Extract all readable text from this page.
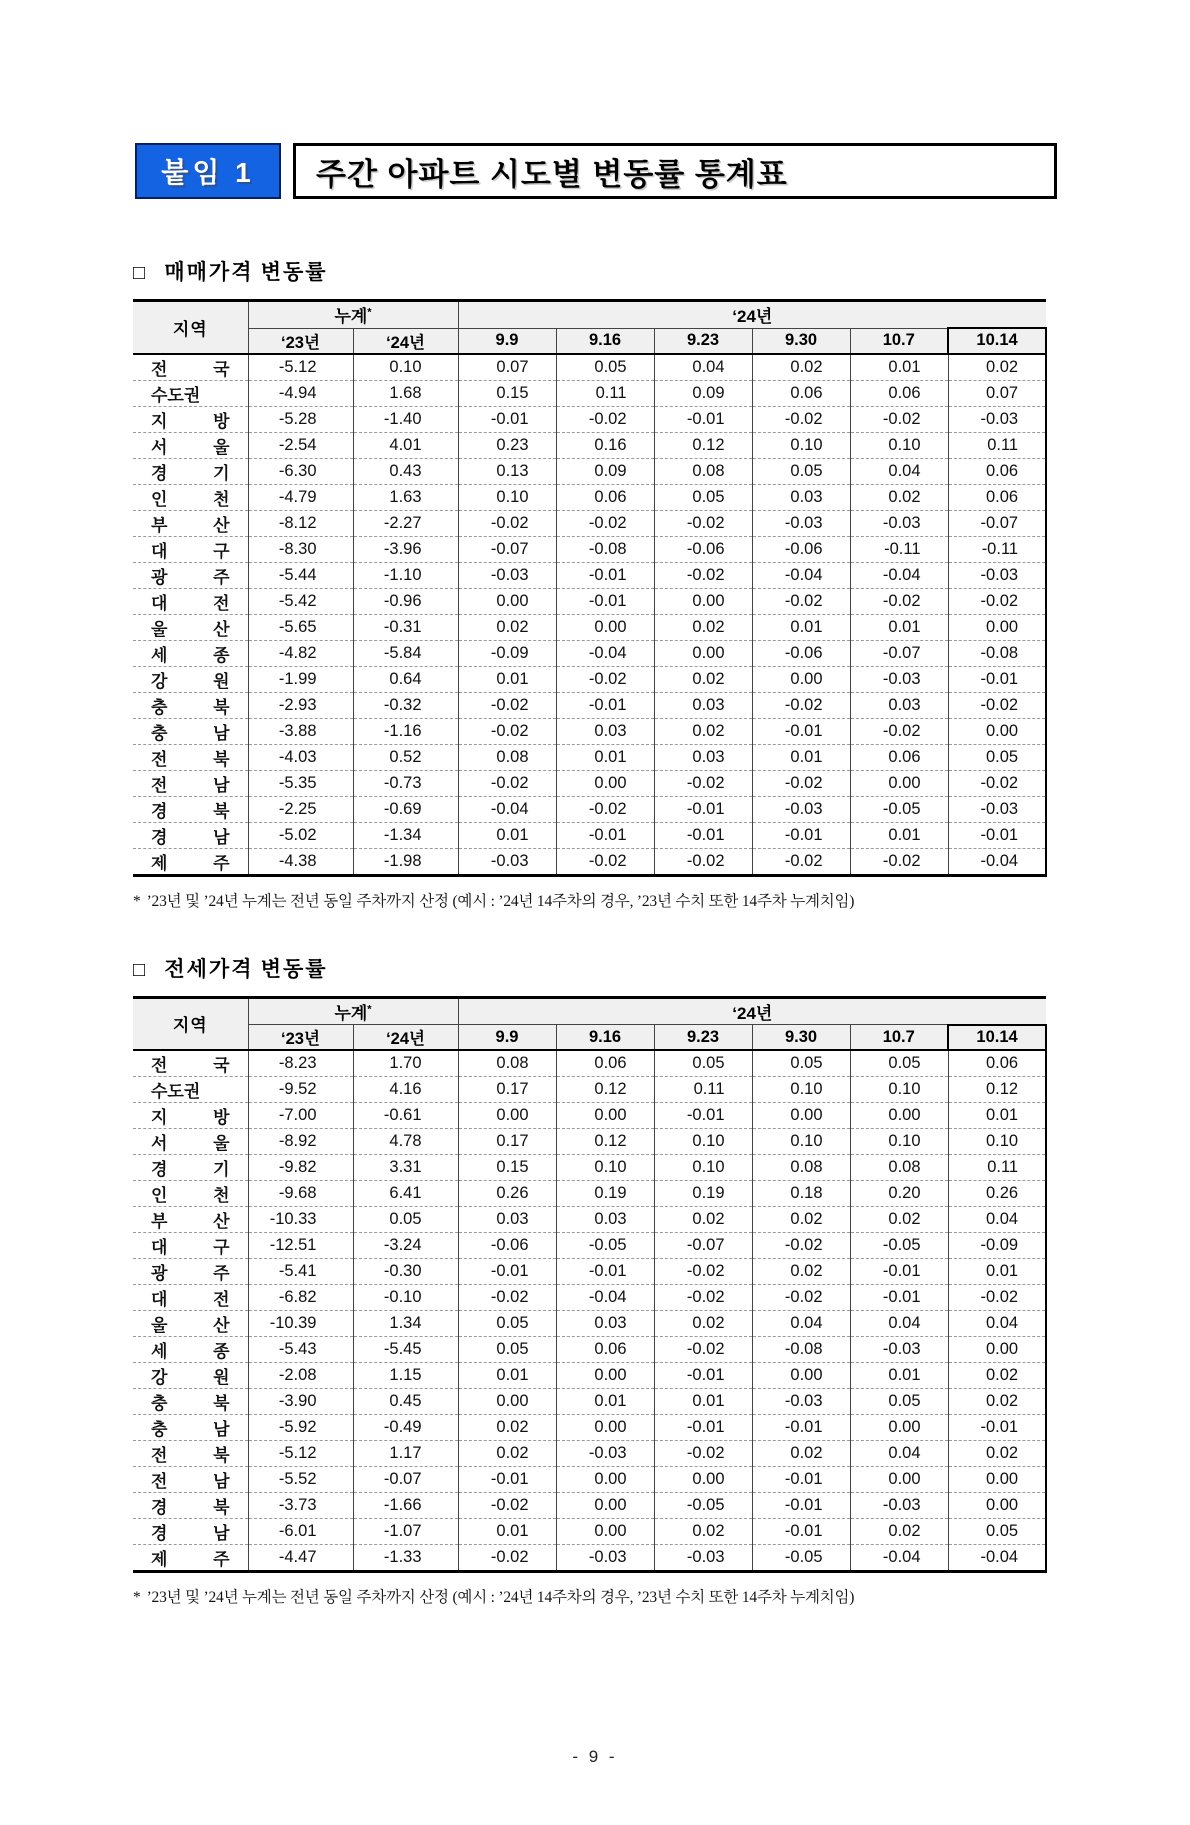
붙임 1 주간 아파트 시도별 변동률 통계표
□ 매매가격 변동률
지역	누계*		‘24년					
	‘23년	‘24년	9.9	9.16	9.23	9.30	10.7	10.14
전 국	-5.12	0.10	0.07	0.05	0.04	0.02	0.01	0.02
수도권	-4.94	1.68	0.15	0.11	0.09	0.06	0.06	0.07
지 방	-5.28	-1.40	-0.01	-0.02	-0.01	-0.02	-0.02	-0.03
서 울	-2.54	4.01	0.23	0.16	0.12	0.10	0.10	0.11
경 기	-6.30	0.43	0.13	0.09	0.08	0.05	0.04	0.06
인 천	-4.79	1.63	0.10	0.06	0.05	0.03	0.02	0.06
부 산	-8.12	-2.27	-0.02	-0.02	-0.02	-0.03	-0.03	-0.07
대 구	-8.30	-3.96	-0.07	-0.08	-0.06	-0.06	-0.11	-0.11
광 주	-5.44	-1.10	-0.03	-0.01	-0.02	-0.04	-0.04	-0.03
대 전	-5.42	-0.96	0.00	-0.01	0.00	-0.02	-0.02	-0.02
울 산	-5.65	-0.31	0.02	0.00	0.02	0.01	0.01	0.00
세 종	-4.82	-5.84	-0.09	-0.04	0.00	-0.06	-0.07	-0.08
강 원	-1.99	0.64	0.01	-0.02	0.02	0.00	-0.03	-0.01
충 북	-2.93	-0.32	-0.02	-0.01	0.03	-0.02	0.03	-0.02
충 남	-3.88	-1.16	-0.02	0.03	0.02	-0.01	-0.02	0.00
전 북	-4.03	0.52	0.08	0.01	0.03	0.01	0.06	0.05
전 남	-5.35	-0.73	-0.02	0.00	-0.02	-0.02	0.00	-0.02
경 북	-2.25	-0.69	-0.04	-0.02	-0.01	-0.03	-0.05	-0.03
경 남	-5.02	-1.34	0.01	-0.01	-0.01	-0.01	0.01	-0.01
제 주	-4.38	-1.98	-0.03	-0.02	-0.02	-0.02	-0.02	-0.04

* ’23년 및 ’24년 누계는 전년 동일 주차까지 산정 (예시 : ’24년 14주차의 경우, ’23년 수치 또한 14주차 누계치임)

□ 전세가격 변동률
지역	누계*		‘24년					
	‘23년	‘24년	9.9	9.16	9.23	9.30	10.7	10.14
전 국	-8.23	1.70	0.08	0.06	0.05	0.05	0.05	0.06
수도권	-9.52	4.16	0.17	0.12	0.11	0.10	0.10	0.12
지 방	-7.00	-0.61	0.00	0.00	-0.01	0.00	0.00	0.01
서 울	-8.92	4.78	0.17	0.12	0.10	0.10	0.10	0.10
경 기	-9.82	3.31	0.15	0.10	0.10	0.08	0.08	0.11
인 천	-9.68	6.41	0.26	0.19	0.19	0.18	0.20	0.26
부 산	-10.33	0.05	0.03	0.03	0.02	0.02	0.02	0.04
대 구	-12.51	-3.24	-0.06	-0.05	-0.07	-0.02	-0.05	-0.09
광 주	-5.41	-0.30	-0.01	-0.01	-0.02	0.02	-0.01	0.01
대 전	-6.82	-0.10	-0.02	-0.04	-0.02	-0.02	-0.01	-0.02
울 산	-10.39	1.34	0.05	0.03	0.02	0.04	0.04	0.04
세 종	-5.43	-5.45	0.05	0.06	-0.02	-0.08	-0.03	0.00
강 원	-2.08	1.15	0.01	0.00	-0.01	0.00	0.01	0.02
충 북	-3.90	0.45	0.00	0.01	0.01	-0.03	0.05	0.02
충 남	-5.92	-0.49	0.02	0.00	-0.01	-0.01	0.00	-0.01
전 북	-5.12	1.17	0.02	-0.03	-0.02	0.02	0.04	0.02
전 남	-5.52	-0.07	-0.01	0.00	0.00	-0.01	0.00	0.00
경 북	-3.73	-1.66	-0.02	0.00	-0.05	-0.01	-0.03	0.00
경 남	-6.01	-1.07	0.01	0.00	0.02	-0.01	0.02	0.05
제 주	-4.47	-1.33	-0.02	-0.03	-0.03	-0.05	-0.04	-0.04

* ’23년 및 ’24년 누계는 전년 동일 주차까지 산정 (예시 : ’24년 14주차의 경우, ’23년 수치 또한 14주차 누계치임)

- 9 -
